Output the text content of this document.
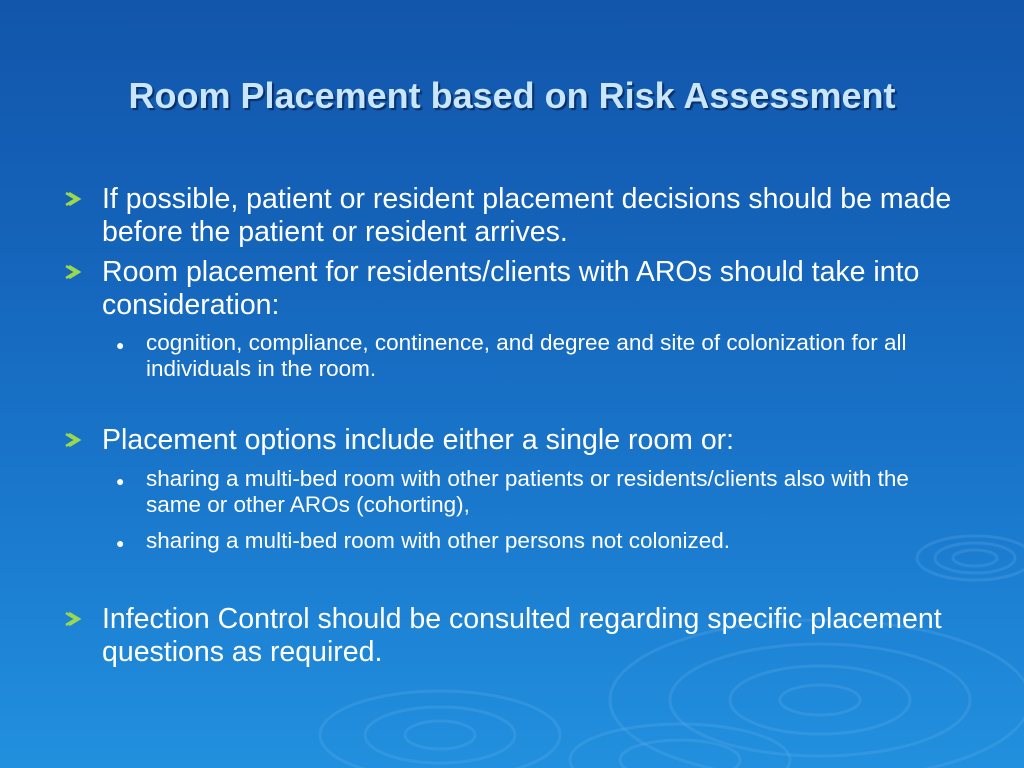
Room Placement based on Risk Assessment
If possible, patient or resident placement decisions should be made before the patient or resident arrives.
Room placement for residents/clients with AROs should take into consideration:
● cognition, compliance, continence, and degree and site of colonization for all individuals in the room.
Placement options include either a single room or:
● sharing a multi-bed room with other patients or residents/clients also with the same or other AROs (cohorting),
● sharing a multi-bed room with other persons not colonized.
Infection Control should be consulted regarding specific placement questions as required.
